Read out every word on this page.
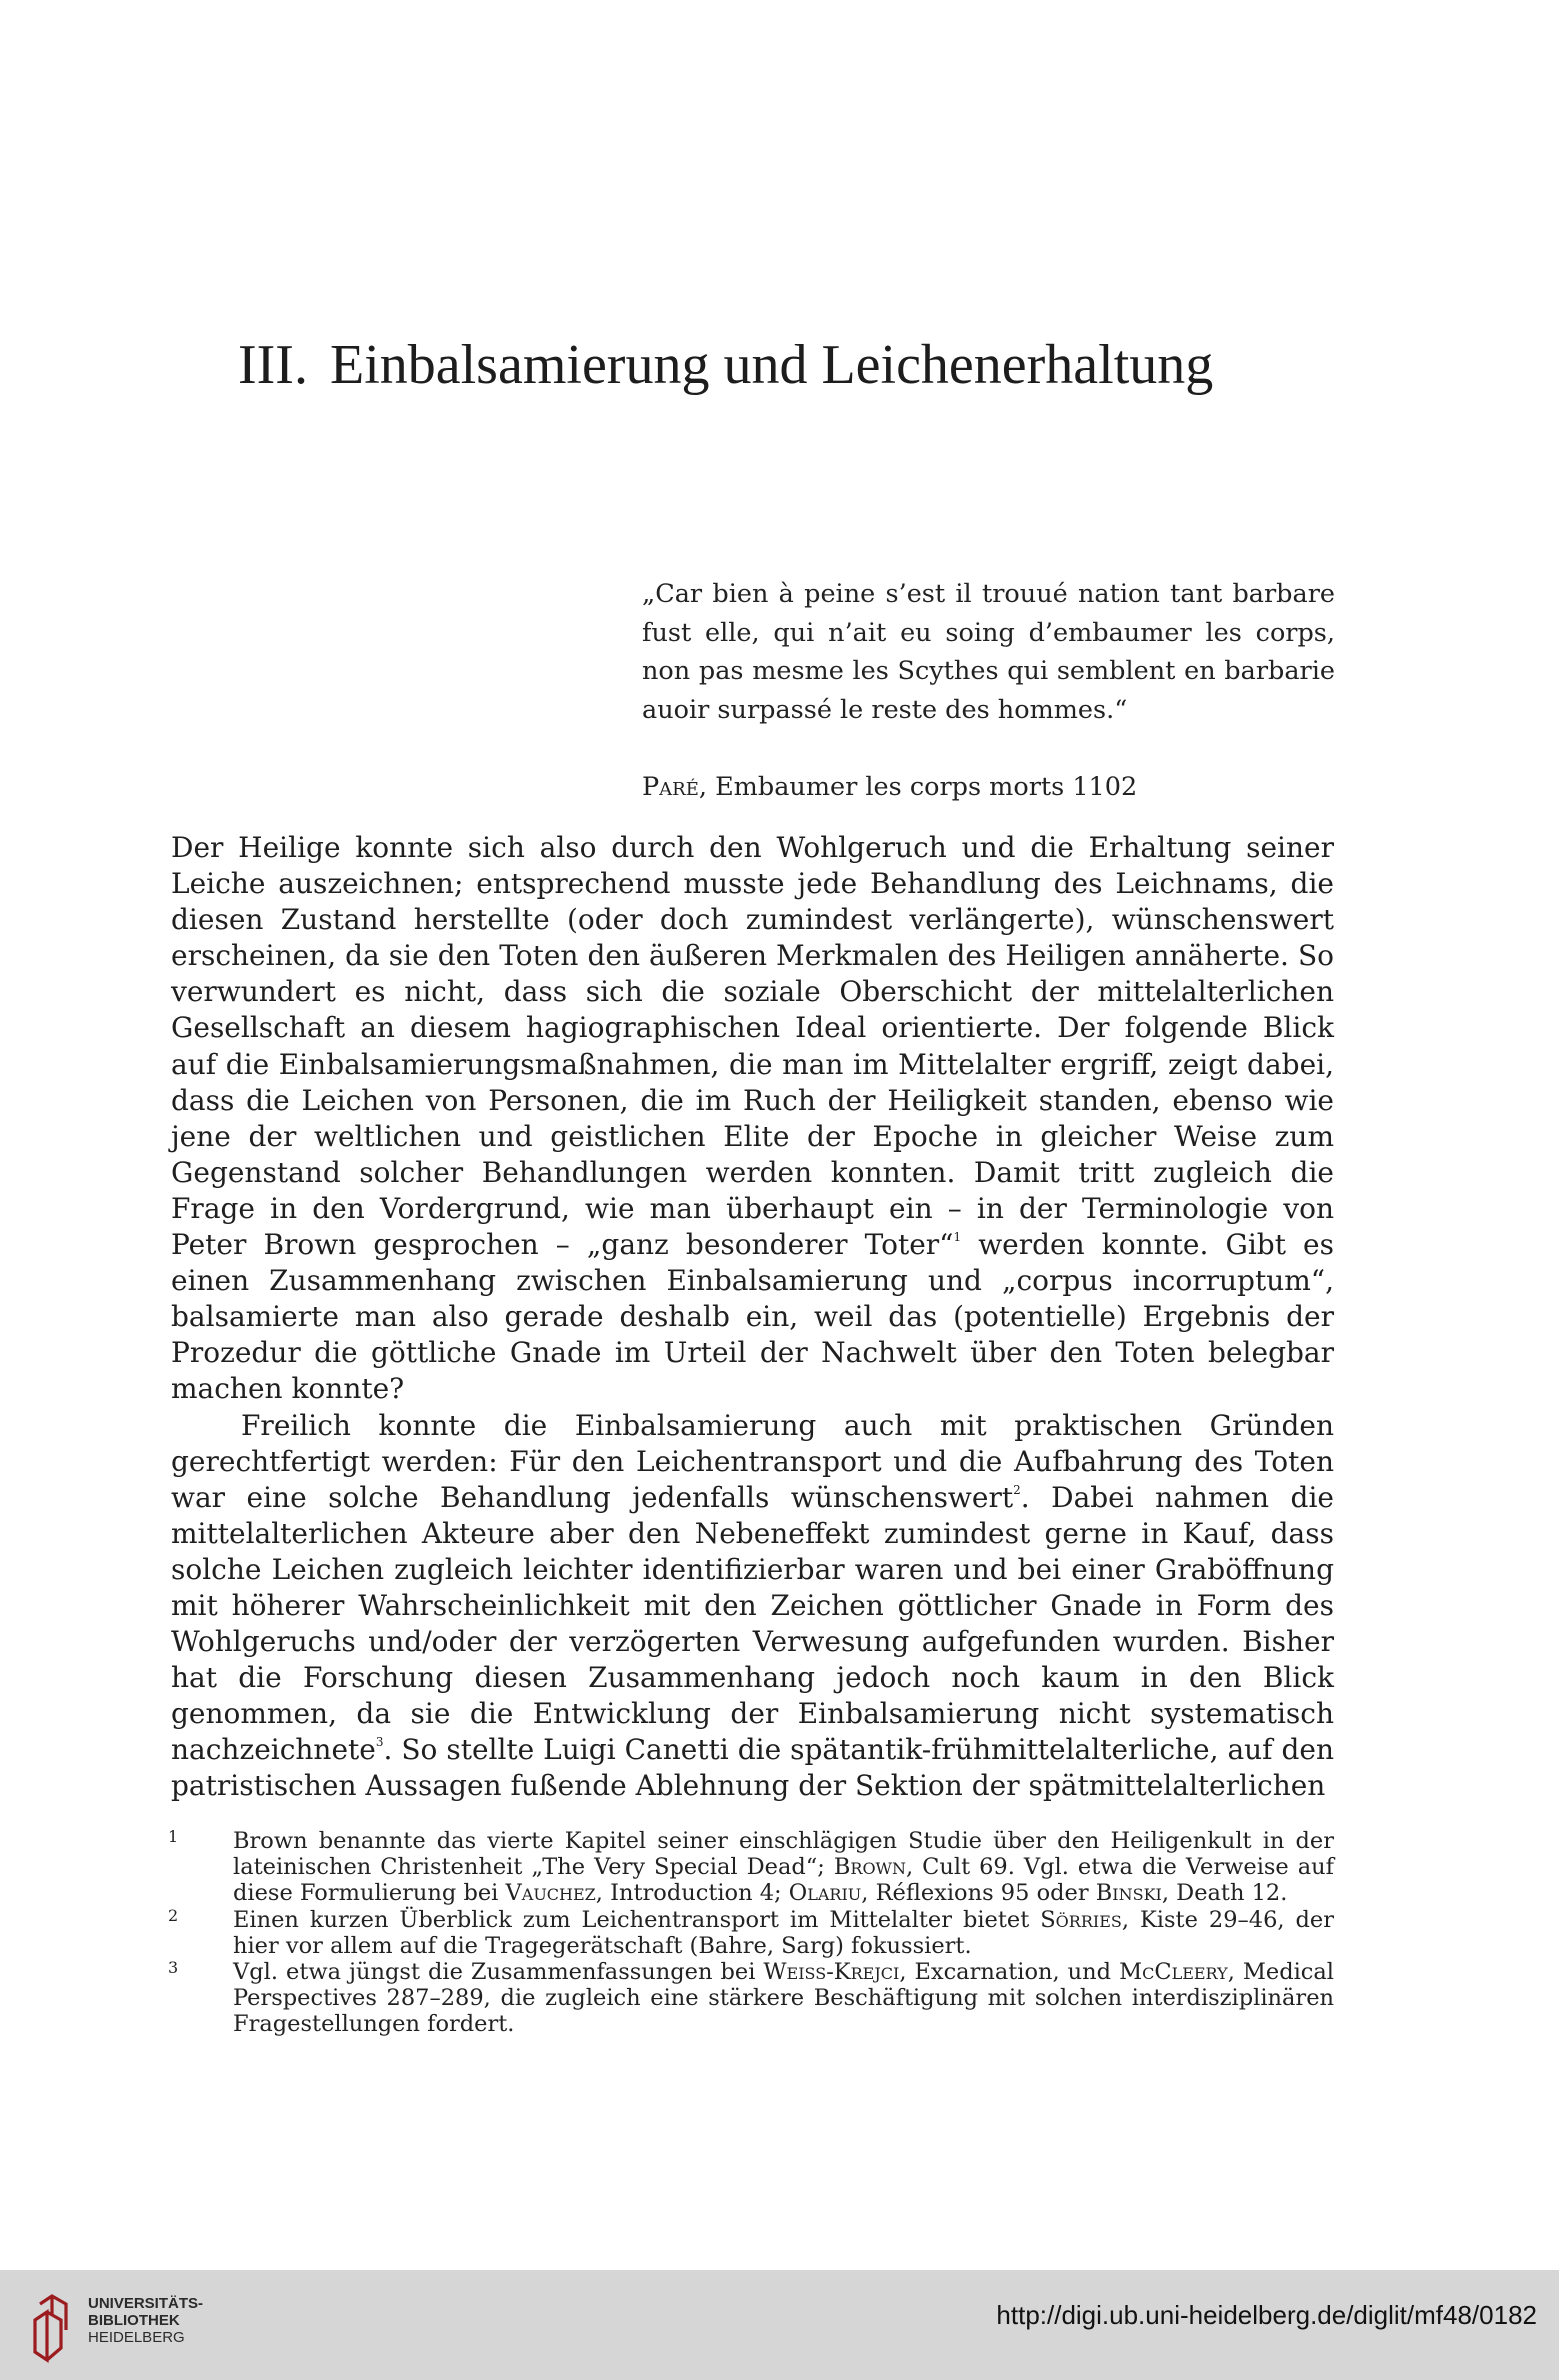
III. Einbalsamierung und Leichenerhaltung

„Car bien à peine s’est il trouué nation tant barbare fust elle, qui n’ait eu soing d’embaumer les corps, non pas mesme les Scythes qui semblent en barbarie auoir surpassé le reste des hommes.“

Paré, Embaumer les corps morts 1102

Der Heilige konnte sich also durch den Wohlgeruch und die Erhaltung seiner Leiche auszeichnen; entsprechend musste jede Behandlung des Leichnams, die diesen Zustand herstellte (oder doch zumindest verlängerte), wünschenswert erscheinen, da sie den Toten den äußeren Merkmalen des Heiligen annäherte. So verwundert es nicht, dass sich die soziale Oberschicht der mittelalterlichen Gesellschaft an diesem hagiographischen Ideal orientierte. Der folgende Blick auf die Einbalsamierungsmaßnahmen, die man im Mittelalter ergriff, zeigt dabei, dass die Leichen von Personen, die im Ruch der Heiligkeit standen, ebenso wie jene der weltlichen und geistlichen Elite der Epoche in gleicher Weise zum Gegenstand solcher Behandlungen werden konnten. Damit tritt zugleich die Frage in den Vordergrund, wie man überhaupt ein – in der Terminologie von Peter Brown gesprochen – „ganz besonderer Toter“$^1$ werden konnte. Gibt es einen Zusammenhang zwischen Einbalsamierung und „corpus incorruptum“, balsamierte man also gerade deshalb ein, weil das (potentielle) Ergebnis der Prozedur die göttliche Gnade im Urteil der Nachwelt über den Toten belegbar machen konnte?

Freilich konnte die Einbalsamierung auch mit praktischen Gründen gerechtfertigt werden: Für den Leichentransport und die Aufbahrung des Toten war eine solche Behandlung jedenfalls wünschenswert$^2$. Dabei nahmen die mittelalterlichen Akteure aber den Nebeneffekt zumindest gerne in Kauf, dass solche Leichen zugleich leichter identifizierbar waren und bei einer Graböffnung mit höherer Wahrscheinlichkeit mit den Zeichen göttlicher Gnade in Form des Wohlgeruchs und/oder der verzögerten Verwesung aufgefunden wurden. Bisher hat die Forschung diesen Zusammenhang jedoch noch kaum in den Blick genommen, da sie die Entwicklung der Einbalsamierung nicht systematisch nachzeichnete$^3$. So stellte Luigi Canetti die spätantik-frühmittelalterliche, auf den patristischen Aussagen fußende Ablehnung der Sektion der spätmittelalterlichen

1 Brown benannte das vierte Kapitel seiner einschlägigen Studie über den Heiligenkult in der lateinischen Christenheit „The Very Special Dead“; Brown, Cult 69. Vgl. etwa die Verweise auf diese Formulierung bei Vauchez, Introduction 4; Olariu, Réflexions 95 oder Binski, Death 12.

2 Einen kurzen Überblick zum Leichentransport im Mittelalter bietet Sörries, Kiste 29–46, der hier vor allem auf die Tragegerätschaft (Bahre, Sarg) fokussiert.

3 Vgl. etwa jüngst die Zusammenfassungen bei Weiss-Krejci, Excarnation, und McCleery, Medical Perspectives 287–289, die zugleich eine stärkere Beschäftigung mit solchen interdisziplinären Fragestellungen fordert.

UNIVERSITÄTS-
BIBLIOTHEK
HEIDELBERG
http://digi.ub.uni-heidelberg.de/diglit/mf48/0182
